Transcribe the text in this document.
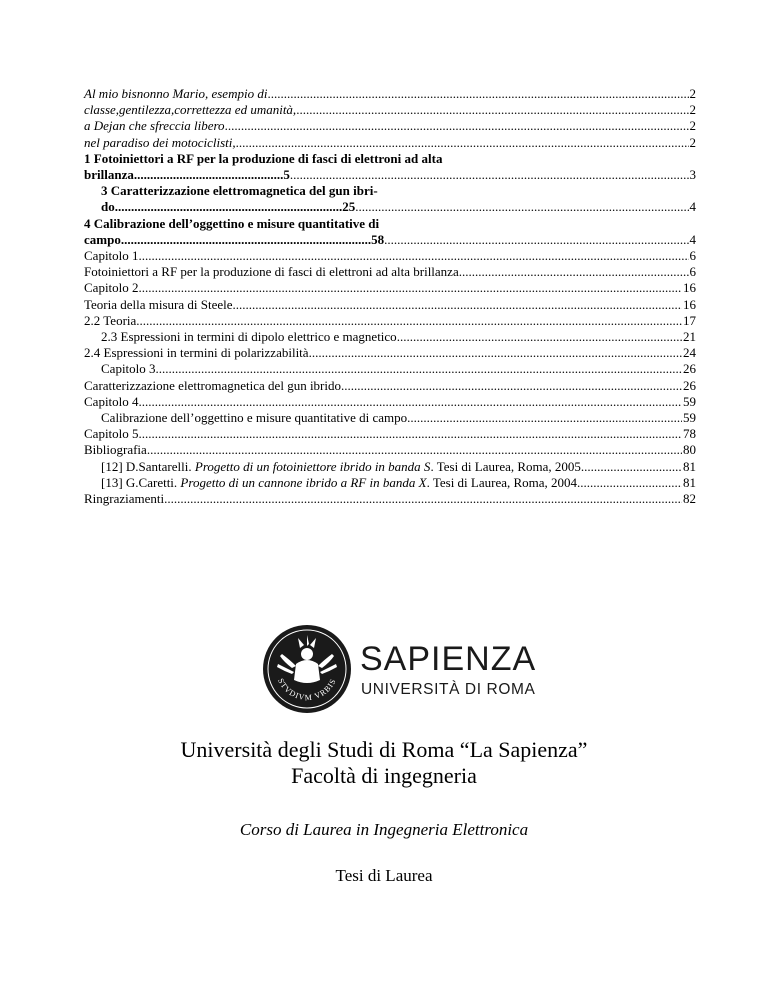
Al mio bisnonno Mario, esempio di .....	2
classe,gentilezza,correttezza ed umanità, .....	2
a Dejan che sfreccia libero .....	2
nel paradiso dei motociclisti, .....	2
1 Fotoiniettori a RF per la produzione di fasci di elettroni ad alta
brillanza..............................................5 .....	3
3 Caratterizzazione elettromagnetica del gun ibri-
do......................................................................25 .....	4
4 Calibrazione dell’oggettino e misure quantitative di
campo.............................................................................58 .....	4
Capitolo 1 .....	6
Fotoiniettori a RF per la produzione di fasci di elettroni ad alta brillanza .....	6
Capitolo 2 .....	16
Teoria della misura di Steele .....	16
2.2 Teoria .....	17
2.3 Espressioni in termini di dipolo elettrico e magnetico .....	21
2.4 Espressioni in termini di polarizzabilità .....	24
Capitolo 3 .....	26
Caratterizzazione elettromagnetica del gun ibrido .....	26
Capitolo 4 .....	59
Calibrazione dell’oggettino e misure quantitative di campo .....	59
Capitolo 5 .....	78
Bibliografia .....	80
[12] D.Santarelli. Progetto di un fotoiniettore ibrido in banda S. Tesi di Laurea, Roma, 2005 .....	81
[13] G.Caretti. Progetto di un cannone ibrido a RF in banda X. Tesi di Laurea, Roma, 2004 .....	81
Ringraziamenti .....	82
STVDIVM VRBIS
SAPIENZA
UNIVERSITÀ DI ROMA
Università degli Studi di Roma “La Sapienza”
Facoltà di ingegneria
Corso di Laurea in Ingegneria Elettronica
Tesi di Laurea
